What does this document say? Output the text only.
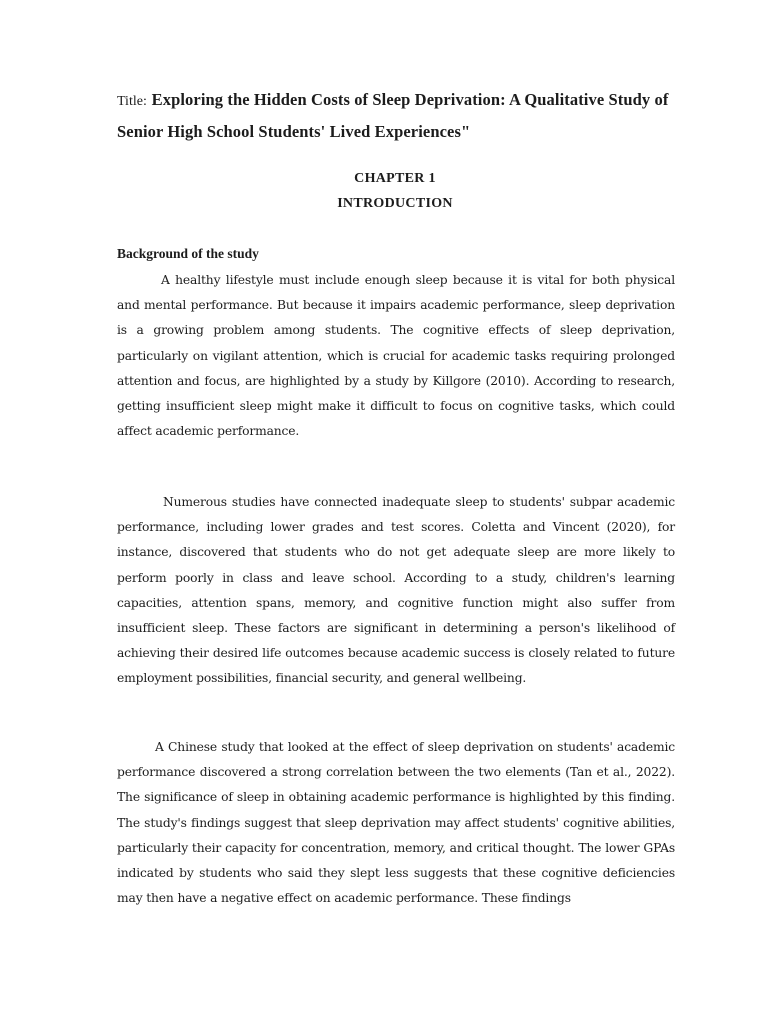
Title: Exploring the Hidden Costs of Sleep Deprivation: A Qualitative Study of Senior High School Students' Lived Experiences"
CHAPTER 1
INTRODUCTION
Background of the study

A healthy lifestyle must include enough sleep because it is vital for both physical and mental performance. But because it impairs academic performance, sleep deprivation is a growing problem among students. The cognitive effects of sleep deprivation, particularly on vigilant attention, which is crucial for academic tasks requiring prolonged attention and focus, are highlighted by a study by Killgore (2010). According to research, getting insufficient sleep might make it difficult to focus on cognitive tasks, which could affect academic performance.

Numerous studies have connected inadequate sleep to students' subpar academic performance, including lower grades and test scores. Coletta and Vincent (2020), for instance, discovered that students who do not get adequate sleep are more likely to perform poorly in class and leave school. According to a study, children's learning capacities, attention spans, memory, and cognitive function might also suffer from insufficient sleep. These factors are significant in determining a person's likelihood of achieving their desired life outcomes because academic success is closely related to future employment possibilities, financial security, and general wellbeing.

A Chinese study that looked at the effect of sleep deprivation on students' academic performance discovered a strong correlation between the two elements (Tan et al., 2022). The significance of sleep in obtaining academic performance is highlighted by this finding. The study's findings suggest that sleep deprivation may affect students' cognitive abilities, particularly their capacity for concentration, memory, and critical thought. The lower GPAs indicated by students who said they slept less suggests that these cognitive deficiencies may then have a negative effect on academic performance. These findings
